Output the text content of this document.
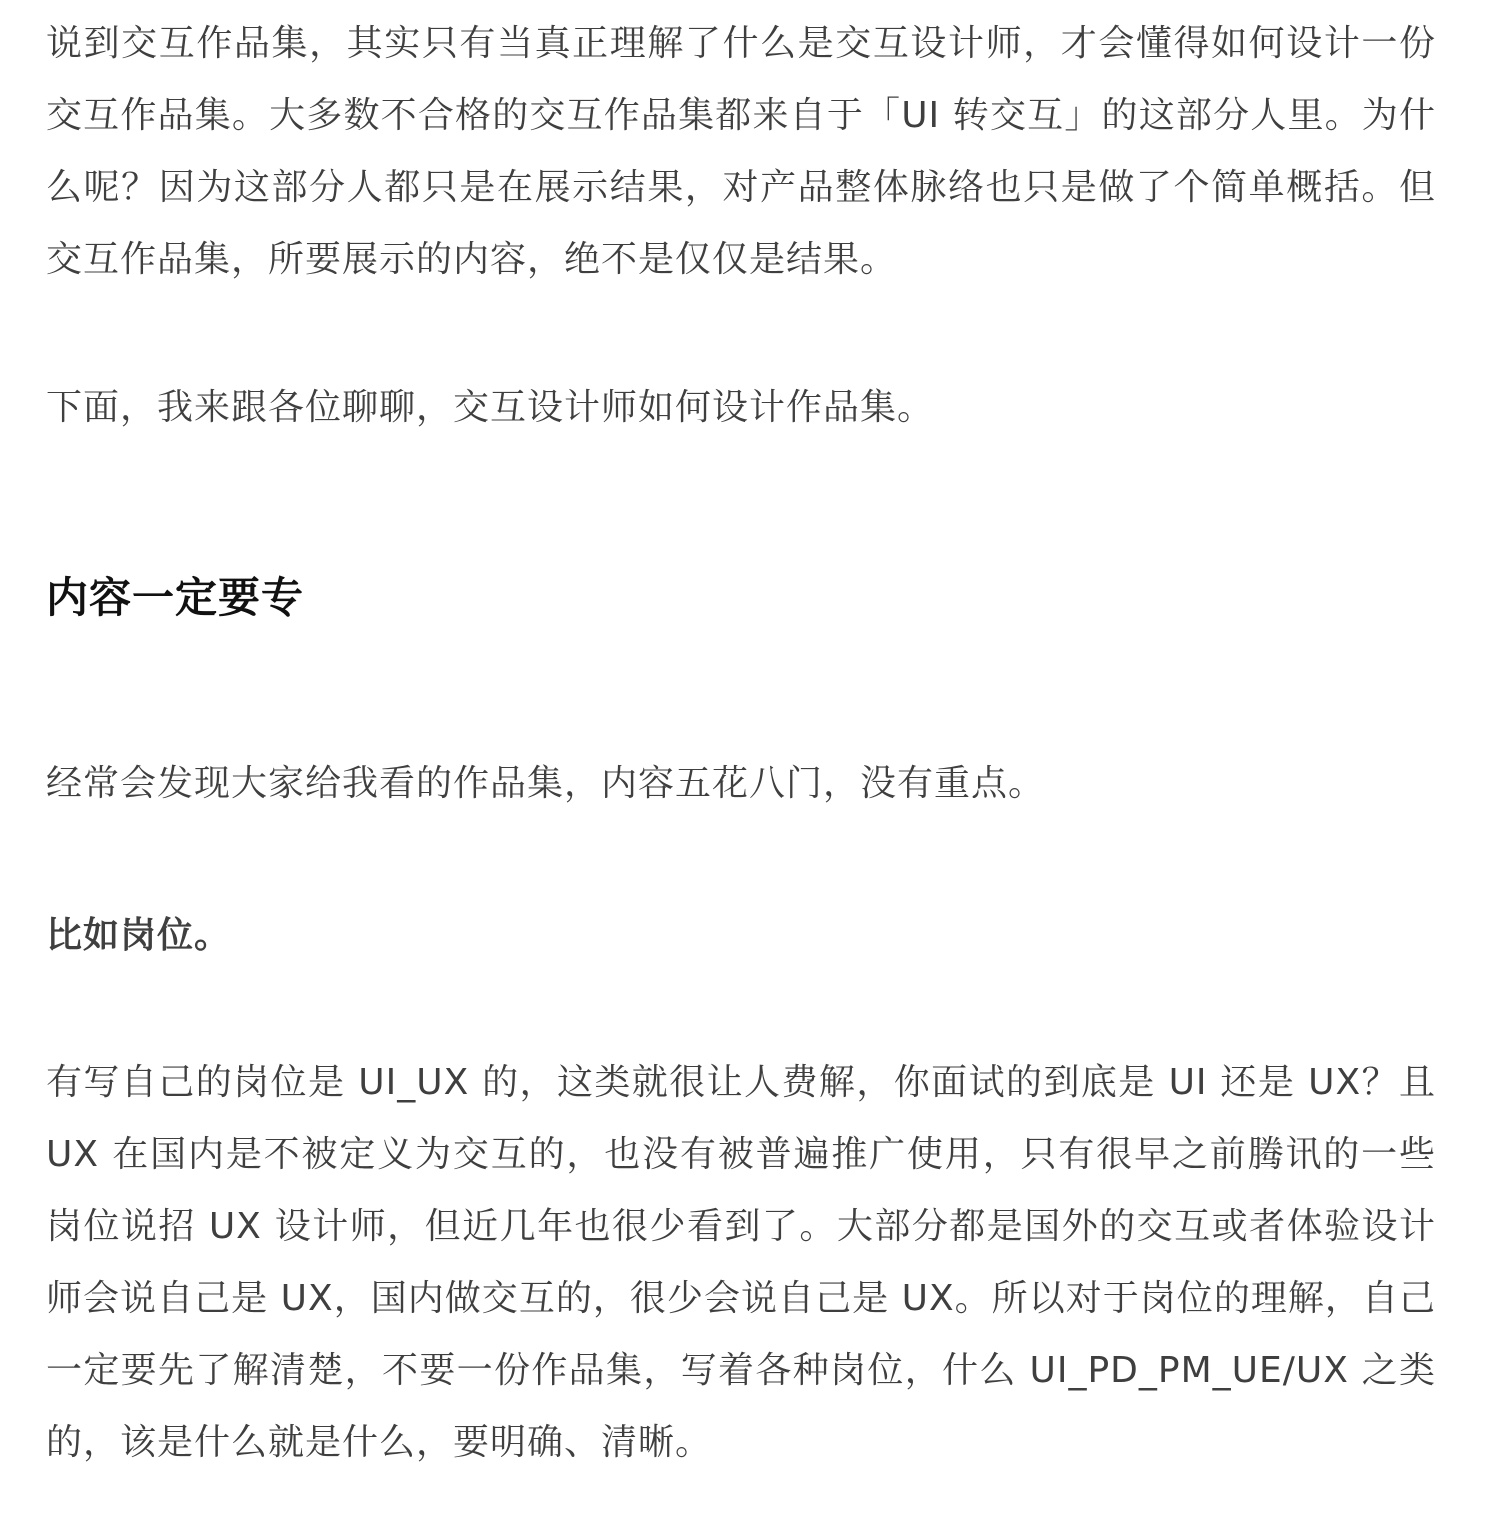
说到交互作品集，其实只有当真正理解了什么是交互设计师，才会懂得如何设计一份交互作品集。大多数不合格的交互作品集都来自于「UI 转交互」的这部分人里。为什么呢？因为这部分人都只是在展示结果，对产品整体脉络也只是做了个简单概括。但交互作品集，所要展示的内容，绝不是仅仅是结果。

下面，我来跟各位聊聊，交互设计师如何设计作品集。

内容一定要专

经常会发现大家给我看的作品集，内容五花八门，没有重点。

比如岗位。

有写自己的岗位是 UI_UX 的，这类就很让人费解，你面试的到底是 UI 还是 UX？且 UX 在国内是不被定义为交互的，也没有被普遍推广使用，只有很早之前腾讯的一些岗位说招 UX 设计师，但近几年也很少看到了。大部分都是国外的交互或者体验设计师会说自己是 UX，国内做交互的，很少会说自己是 UX。所以对于岗位的理解，自己一定要先了解清楚，不要一份作品集，写着各种岗位，什么 UI_PD_PM_UE/UX 之类的，该是什么就是什么，要明确、清晰。
